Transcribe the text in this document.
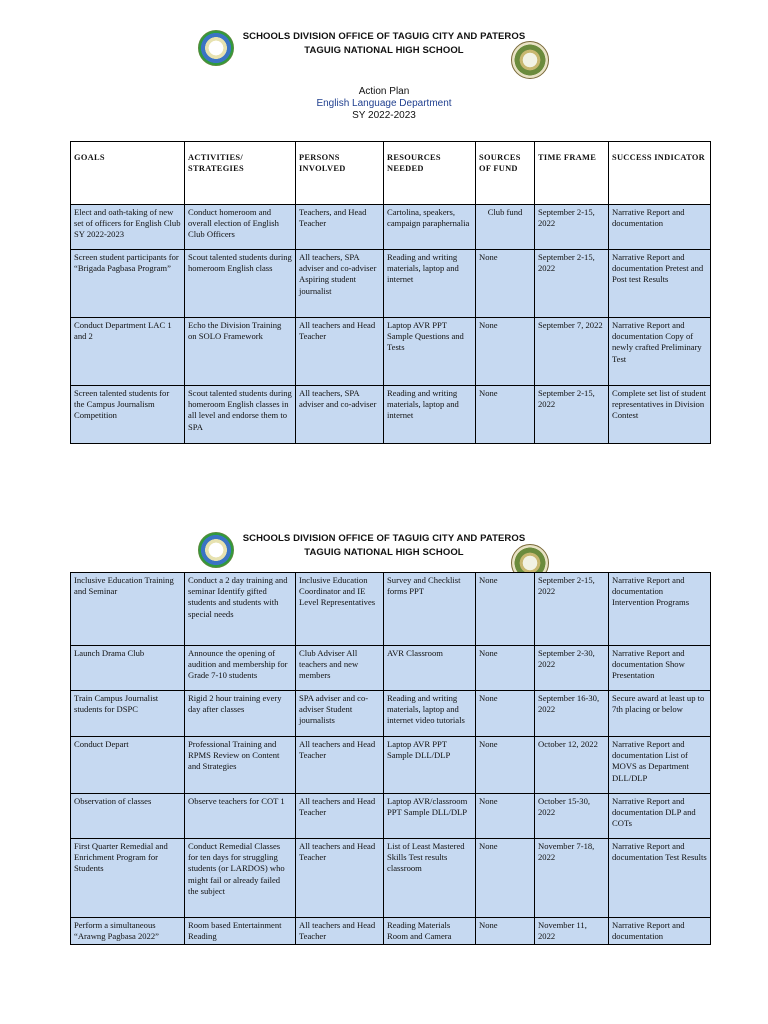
SCHOOLS DIVISION OFFICE OF TAGUIG CITY AND PATEROS
TAGUIG NATIONAL HIGH SCHOOL
Action Plan
English Language Department
SY 2022-2023
GOALS	ACTIVITIES/ STRATEGIES	PERSONS INVOLVED	RESOURCES NEEDED	SOURCES OF FUND	TIME FRAME	SUCCESS INDICATOR
Elect and oath-taking of new set of officers for English Club SY 2022-2023	Conduct homeroom and overall election of English Club Officers	Teachers, and Head Teacher	Cartolina, speakers, campaign paraphernalia	Club fund	September 2-15, 2022	Narrative Report and documentation
Screen student participants for “Brigada Pagbasa Program”	Scout talented students during homeroom English class	All teachers, SPA adviser and co-adviser Aspiring student journalist	Reading and writing materials, laptop and internet	None	September 2-15, 2022	Narrative Report and documentation Pretest and Post test Results
Conduct Department LAC 1 and 2	Echo the Division Training on SOLO Framework	All teachers and Head Teacher	Laptop AVR PPT Sample Questions and Tests	None	September 7, 2022	Narrative Report and documentation Copy of newly crafted Preliminary Test
Screen talented students for the Campus Journalism Competition	Scout talented students during homeroom English classes in all level and endorse them to SPA	All teachers, SPA adviser and co-adviser	Reading and writing materials, laptop and internet	None	September 2-15, 2022	Complete set list of student representatives in Division Contest
SCHOOLS DIVISION OFFICE OF TAGUIG CITY AND PATEROS
TAGUIG NATIONAL HIGH SCHOOL
Inclusive Education Training and Seminar	Conduct a 2 day training and seminar Identify gifted students and students with special needs	Inclusive Education Coordinator and IE Level Representatives	Survey and Checklist forms PPT	None	September 2-15, 2022	Narrative Report and documentation Intervention Programs
Launch Drama Club	Announce the opening of audition and membership for Grade 7-10 students	Club Adviser All teachers and new members	AVR Classroom	None	September 2-30, 2022	Narrative Report and documentation Show Presentation
Train Campus Journalist students for DSPC	Rigid 2 hour training every day after classes	SPA adviser and co-adviser Student journalists	Reading and writing materials, laptop and internet video tutorials	None	September 16-30, 2022	Secure award at least up to 7th placing or below
Conduct Depart	Professional Training and RPMS Review on Content and Strategies	All teachers and Head Teacher	Laptop AVR PPT Sample DLL/DLP	None	October 12, 2022	Narrative Report and documentation List of MOVS as Department DLL/DLP
Observation of classes	Observe teachers for COT 1	All teachers and Head Teacher	Laptop AVR/classroom PPT Sample DLL/DLP	None	October 15-30, 2022	Narrative Report and documentation DLP and COTs
First Quarter Remedial and Enrichment Program for Students	Conduct Remedial Classes for ten days for struggling students (or LARDOS) who might fail or already failed the subject	All teachers and Head Teacher	List of Least Mastered Skills Test results classroom	None	November 7-18, 2022	Narrative Report and documentation Test Results
Perform a simultaneous “Arawng Pagbasa 2022”	Room based Entertainment Reading	All teachers and Head Teacher	Reading Materials Room and Camera	None	November 11, 2022	Narrative Report and documentation
